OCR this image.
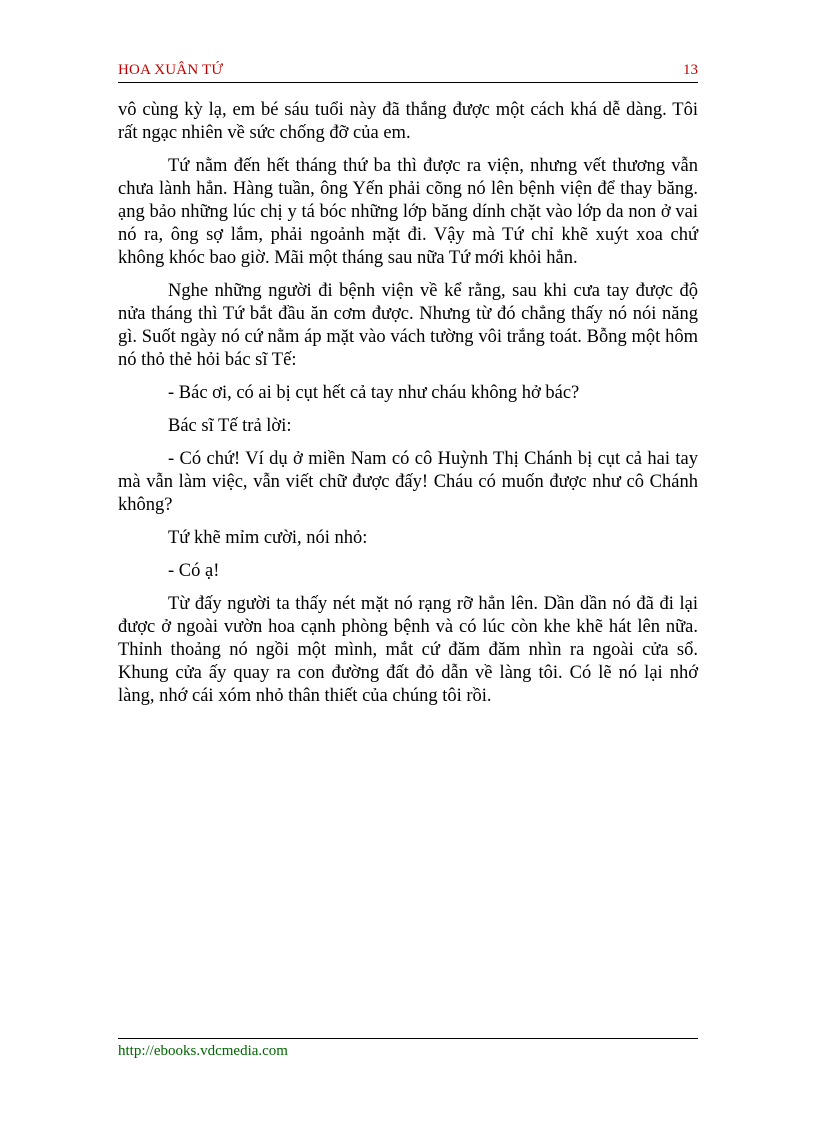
HOA XUÂN TỨ	13

vô cùng kỳ lạ, em bé sáu tuổi này đã thắng được một cách khá dễ dàng. Tôi rất ngạc nhiên về sức chống đỡ của em.

Tứ nằm đến hết tháng thứ ba thì được ra viện, nhưng vết thương vẫn chưa lành hẳn. Hàng tuần, ông Yến phải cõng nó lên bệnh viện để thay băng. ạng bảo những lúc chị y tá bóc những lớp băng dính chặt vào lớp da non ở vai nó ra, ông sợ lắm, phải ngoảnh mặt đi. Vậy mà Tứ chỉ khẽ xuýt xoa chứ không khóc bao giờ. Mãi một tháng sau nữa Tứ mới khỏi hẳn.

Nghe những người đi bệnh viện về kể rằng, sau khi cưa tay được độ nửa tháng thì Tứ bắt đầu ăn cơm được. Nhưng từ đó chẳng thấy nó nói năng gì. Suốt ngày nó cứ nằm áp mặt vào vách tường vôi trắng toát. Bỗng một hôm nó thỏ thẻ hỏi bác sĩ Tế:

- Bác ơi, có ai bị cụt hết cả tay như cháu không hở bác?

Bác sĩ Tế trả lời:

- Có chứ! Ví dụ ở miền Nam có cô Huỳnh Thị Chánh bị cụt cả hai tay mà vẫn làm việc, vẫn viết chữ được đấy! Cháu có muốn được như cô Chánh không?

Tứ khẽ mỉm cười, nói nhỏ:

- Có ạ!

Từ đấy người ta thấy nét mặt nó rạng rỡ hẳn lên. Dần dần nó đã đi lại được ở ngoài vườn hoa cạnh phòng bệnh và có lúc còn khe khẽ hát lên nữa. Thỉnh thoảng nó ngồi một mình, mắt cứ đăm đăm nhìn ra ngoài cửa sổ. Khung cửa ấy quay ra con đường đất đỏ dẫn về làng tôi. Có lẽ nó lại nhớ làng, nhớ cái xóm nhỏ thân thiết của chúng tôi rồi.

http://ebooks.vdcmedia.com
